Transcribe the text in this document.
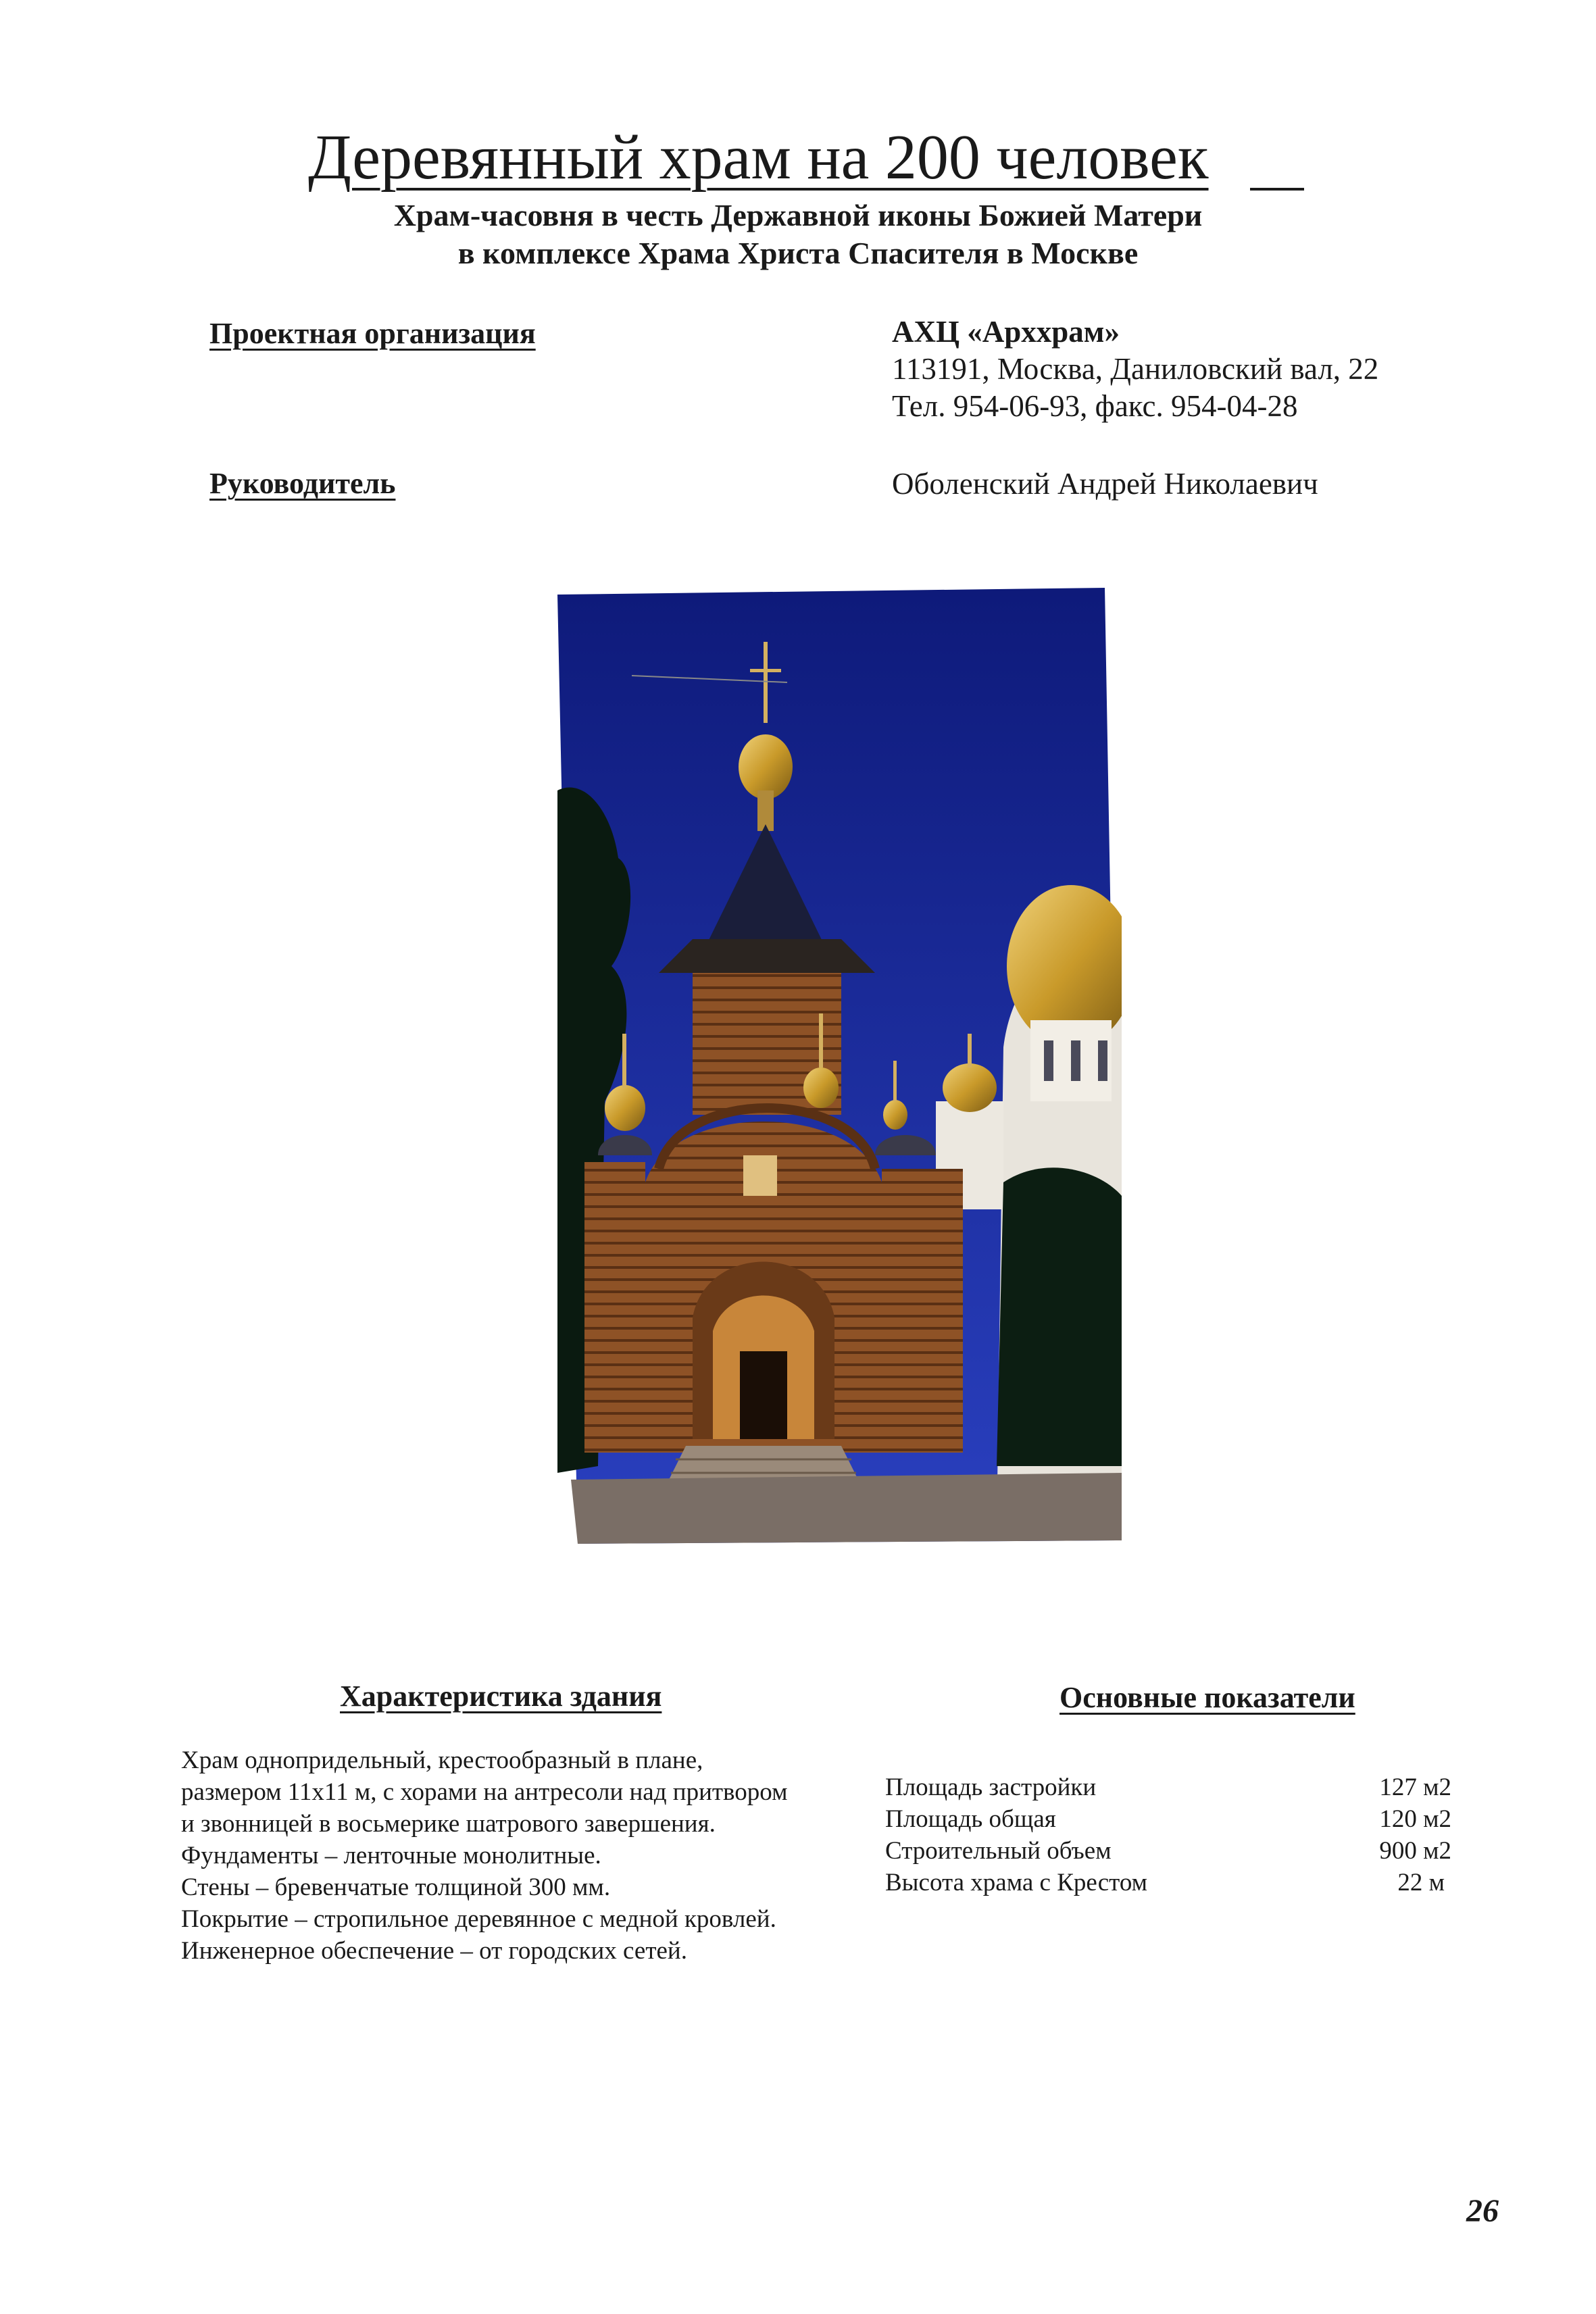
Деревянный храм на 200 человек
Храм-часовня в честь Державной иконы Божией Матери
в комплексе Храма Христа Спасителя в Москве
Проектная организация	АХЦ «Арххрам»
113191, Москва, Даниловский вал, 22
Тел. 954-06-93, факс. 954-04-28
Руководитель	Оболенский Андрей Николаевич
Характеристика здания
Храм однопридельный, крестообразный в плане,
размером 11х11 м, с хорами на антресоли над притвором
и звонницей в восьмерике шатрового завершения.
Фундаменты – ленточные монолитные.
Стены – бревенчатые толщиной 300 мм.
Покрытие – стропильное деревянное с медной кровлей.
Инженерное обеспечение – от городских сетей.
Основные показатели
Площадь застройки	127 м2
Площадь общая	120 м2
Строительный объем	900 м2
Высота храма с Крестом	22 м
26
